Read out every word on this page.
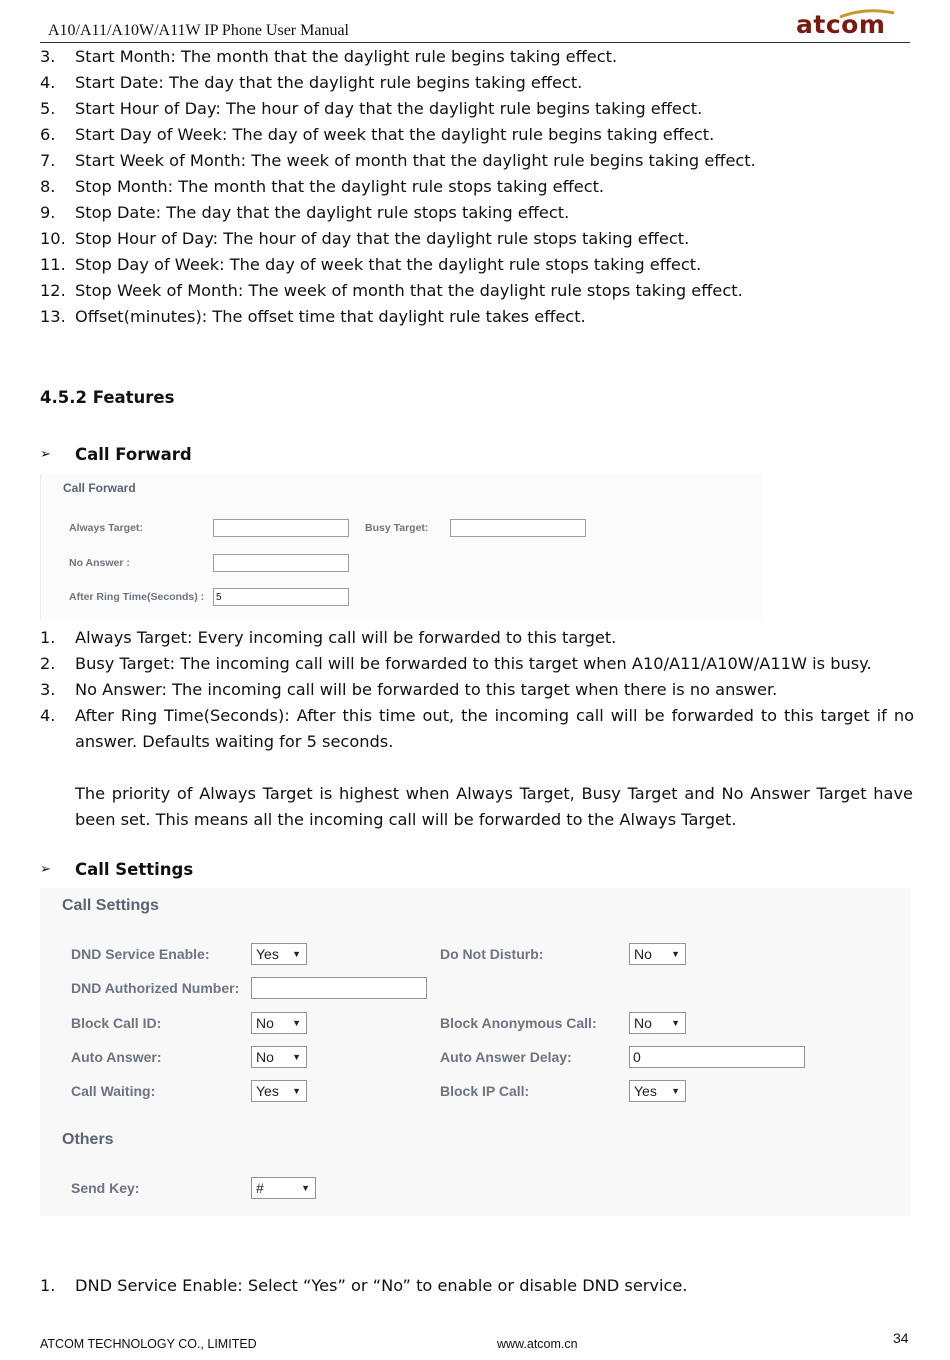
A10/A11/A10W/A11W IP Phone User Manual	atcom
3.	Start Month: The month that the daylight rule begins taking effect.
4.	Start Date: The day that the daylight rule begins taking effect.
5.	Start Hour of Day: The hour of day that the daylight rule begins taking effect.
6.	Start Day of Week: The day of week that the daylight rule begins taking effect.
7.	Start Week of Month: The week of month that the daylight rule begins taking effect.
8.	Stop Month: The month that the daylight rule stops taking effect.
9.	Stop Date: The day that the daylight rule stops taking effect.
10. Stop Hour of Day: The hour of day that the daylight rule stops taking effect.
11. Stop Day of Week: The day of week that the daylight rule stops taking effect.
12. Stop Week of Month: The week of month that the daylight rule stops taking effect.
13. Offset(minutes): The offset time that daylight rule takes effect.
4.5.2 Features
➢	Call Forward
Call Forward
Always Target:	Busy Target:
No Answer :
After Ring Time(Seconds) :	5
1.	Always Target: Every incoming call will be forwarded to this target.
2.	Busy Target: The incoming call will be forwarded to this target when A10/A11/A10W/A11W is busy.
3.	No Answer: The incoming call will be forwarded to this target when there is no answer.
4.	After Ring Time(Seconds): After this time out, the incoming call will be forwarded to this target if no answer. Defaults waiting for 5 seconds.
The priority of Always Target is highest when Always Target, Busy Target and No Answer Target have been set. This means all the incoming call will be forwarded to the Always Target.
➢	Call Settings
Call Settings
DND Service Enable:	Yes ▼	Do Not Disturb:	No ▼
DND Authorized Number:
Block Call ID:	No ▼	Block Anonymous Call:	No ▼
Auto Answer:	No ▼	Auto Answer Delay:	0
Call Waiting:	Yes ▼	Block IP Call:	Yes ▼
Others
Send Key:	#	▼
1.	DND Service Enable: Select “Yes” or “No” to enable or disable DND service.
ATCOM TECHNOLOGY CO., LIMITED	www.atcom.cn	34
